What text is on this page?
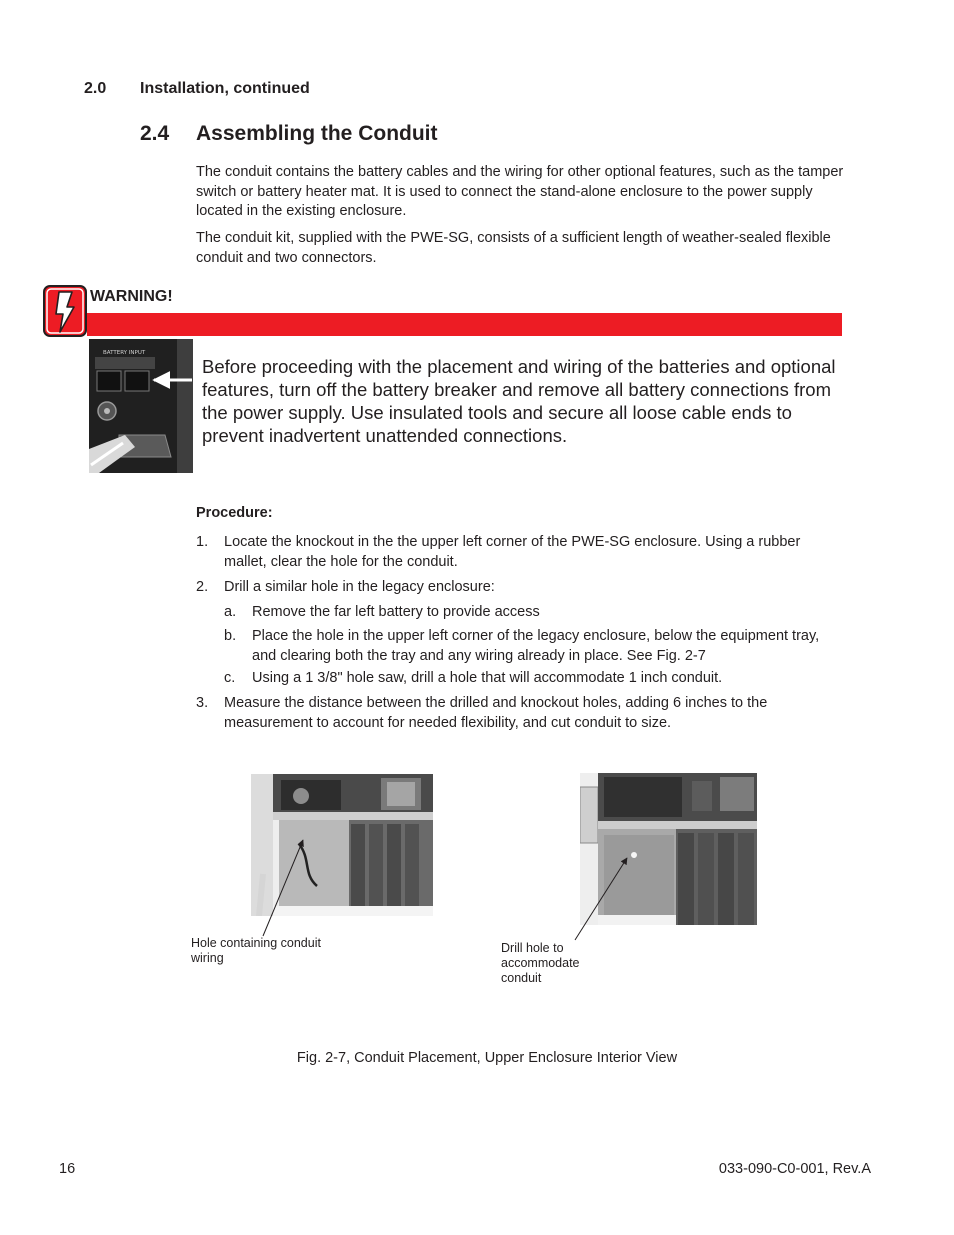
2.0 Installation, continued
2.4 Assembling the Conduit
The conduit contains the battery cables and the wiring for other optional features, such as the tamper switch or battery heater mat. It is used to connect the stand-alone enclosure to the power supply located in the existing enclosure.
The conduit kit, supplied with the PWE-SG, consists of a sufficient length of weather-sealed flexible conduit and two connectors.
WARNING!
BATTERY INPUT
Before proceeding with the placement and wiring of the batteries and optional features, turn off the battery breaker and remove all battery connections from the power supply. Use insulated tools and secure all loose cable ends to prevent inadvertent unattended connections.
Procedure:
1. Locate the knockout in the the upper left corner of the PWE-SG enclosure. Using a rubber mallet, clear the hole for the conduit.
2. Drill a similar hole in the legacy enclosure:
a. Remove the far left battery to provide access
b. Place the hole in the upper left corner of the legacy enclosure, below the equipment tray, and clearing both the tray and any wiring already in place. See Fig. 2-7
c. Using a 1 3/8" hole saw, drill a hole that will accommodate 1 inch conduit.
3. Measure the distance between the drilled and knockout holes, adding 6 inches to the measurement to account for needed flexibility, and cut conduit to size.
Hole containing conduit wiring
Drill hole to
accommodate
conduit
Fig. 2-7, Conduit Placement, Upper Enclosure Interior View
16	033-090-C0-001, Rev.A
